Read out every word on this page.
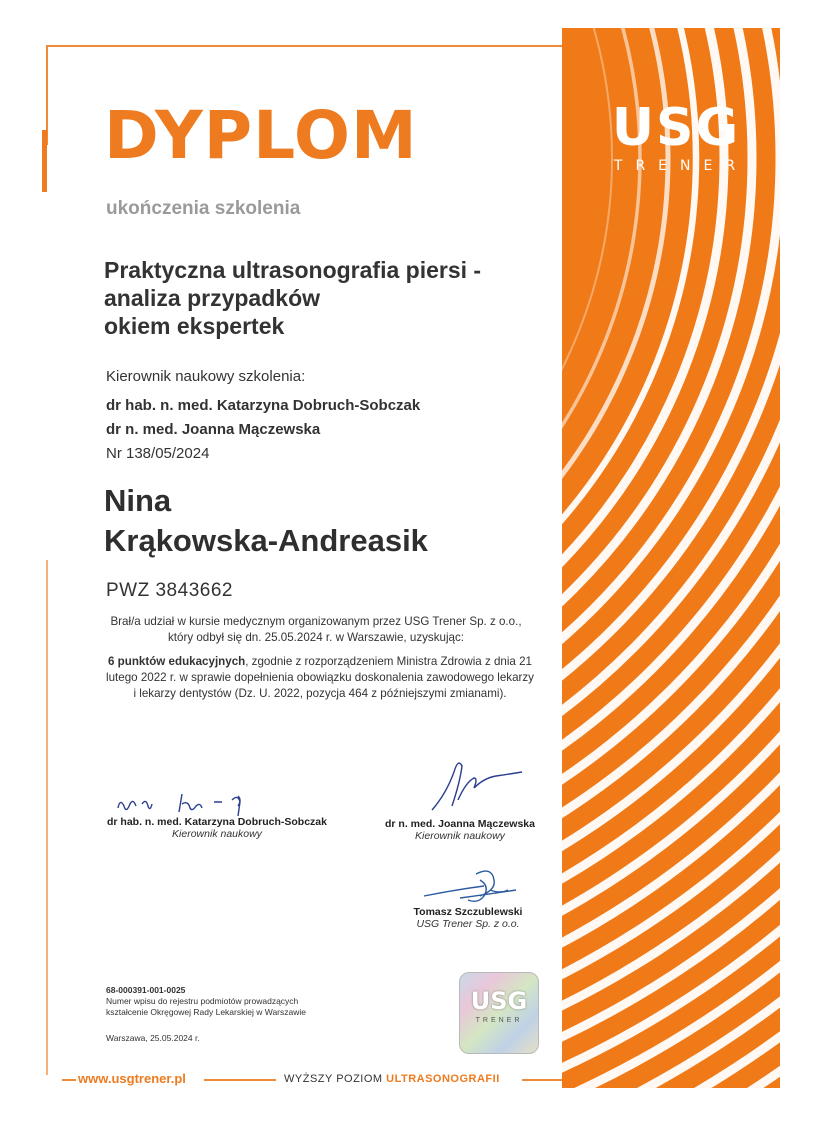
USG
TRENER
DYPLOM
ukończenia szkolenia
Praktyczna ultrasonografia piersi -
analiza przypadków
okiem ekspertek
Kierownik naukowy szkolenia:
dr hab. n. med. Katarzyna Dobruch-Sobczak
dr n. med. Joanna Mączewska
Nr 138/05/2024
Nina
Krąkowska-Andreasik
PWZ 3843662
Brał/a udział w kursie medycznym organizowanym przez USG Trener Sp. z o.o., który odbył się dn. 25.05.2024 r. w Warszawie, uzyskując:
6 punktów edukacyjnych, zgodnie z rozporządzeniem Ministra Zdrowia z dnia 21 lutego 2022 r. w sprawie dopełnienia obowiązku doskonalenia zawodowego lekarzy i lekarzy dentystów (Dz. U. 2022, pozycja 464 z późniejszymi zmianami).
dr hab. n. med. Katarzyna Dobruch-Sobczak
Kierownik naukowy
dr n. med. Joanna Mączewska
Kierownik naukowy
Tomasz Szczublewski
USG Trener Sp. z o.o.
68-000391-001-0025
Numer wpisu do rejestru podmiotów prowadzących
kształcenie Okręgowej Rady Lekarskiej w Warszawie
Warszawa, 25.05.2024 r.
USG
TRENER
www.usgtrener.pl	WYŻSZY POZIOM ULTRASONOGRAFII
